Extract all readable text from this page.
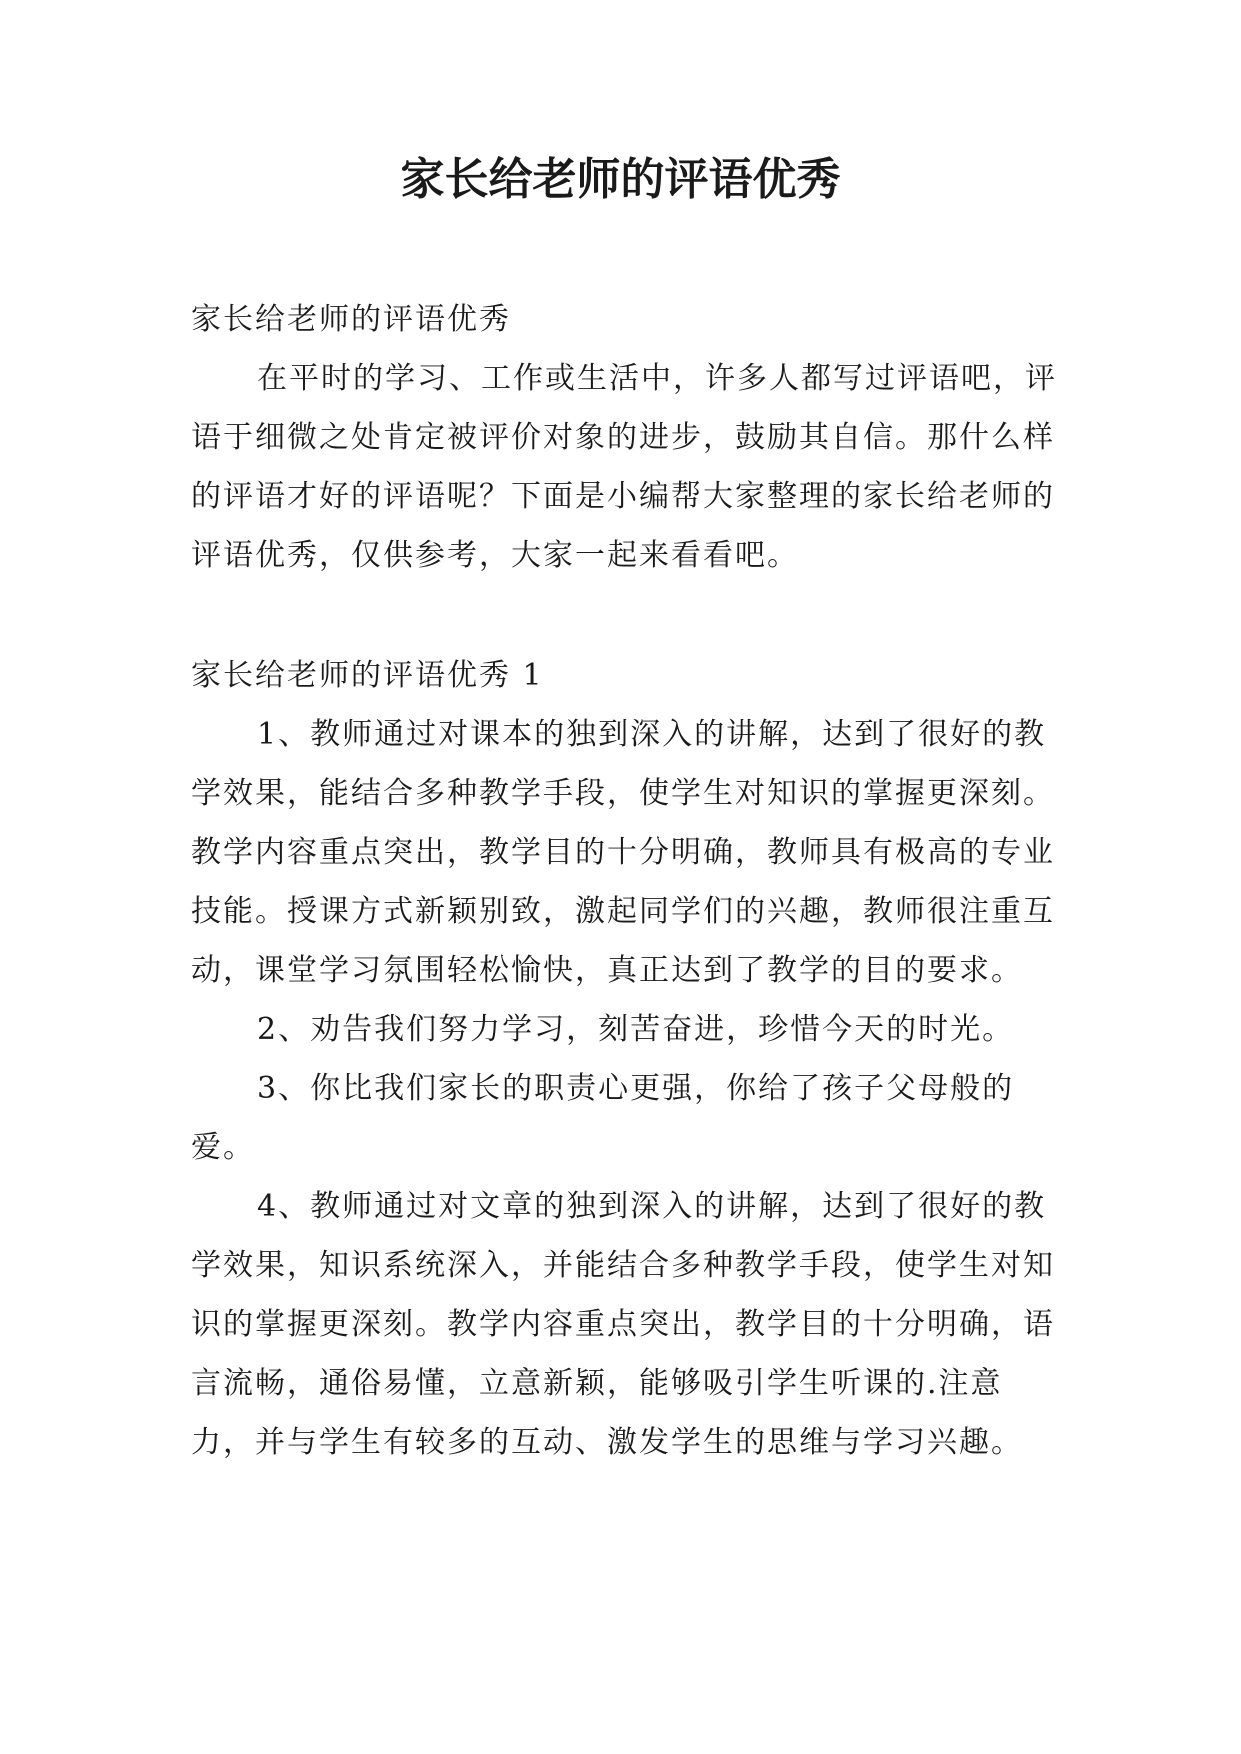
家长给老师的评语优秀

家长给老师的评语优秀

在平时的学习、工作或生活中，许多人都写过评语吧，评语于细微之处肯定被评价对象的进步，鼓励其自信。那什么样的评语才好的评语呢？下面是小编帮大家整理的家长给老师的评语优秀，仅供参考，大家一起来看看吧。

家长给老师的评语优秀 1

1、教师通过对课本的独到深入的讲解，达到了很好的教学效果，能结合多种教学手段，使学生对知识的掌握更深刻。教学内容重点突出，教学目的十分明确，教师具有极高的专业技能。授课方式新颖别致，激起同学们的兴趣，教师很注重互动，课堂学习氛围轻松愉快，真正达到了教学的目的要求。

2、劝告我们努力学习，刻苦奋进，珍惜今天的时光。

3、你比我们家长的职责心更强，你给了孩子父母般的爱。

4、教师通过对文章的独到深入的讲解，达到了很好的教学效果，知识系统深入，并能结合多种教学手段，使学生对知识的掌握更深刻。教学内容重点突出，教学目的十分明确，语言流畅，通俗易懂，立意新颖，能够吸引学生听课的.注意力，并与学生有较多的互动、激发学生的思维与学习兴趣。
